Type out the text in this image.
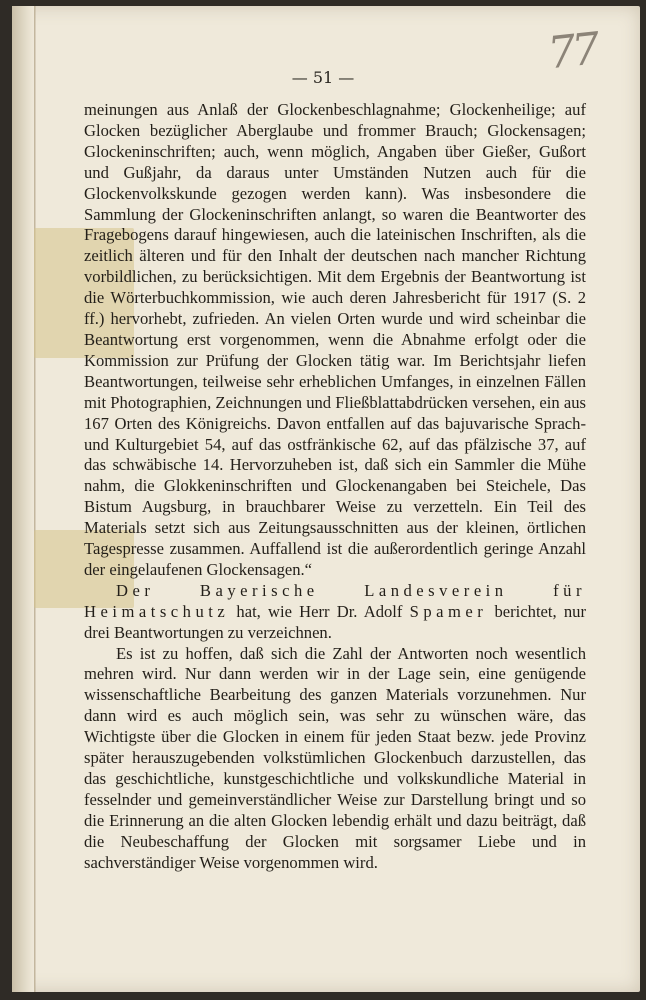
77
— 51 —

meinungen aus Anlaß der Glockenbeschlagnahme; Glockenheilige; auf Glocken bezüglicher Aberglaube und frommer Brauch; Glockensagen; Glockeninschriften; auch, wenn möglich, Angaben über Gießer, Gußort und Gußjahr, da daraus unter Umständen Nutzen auch für die Glockenvolkskunde gezogen werden kann). Was insbesondere die Sammlung der Glockeninschriften anlangt, so waren die Beantworter des Fragebogens darauf hingewiesen, auch die lateinischen Inschriften, als die zeitlich älteren und für den Inhalt der deutschen nach mancher Richtung vorbildlichen, zu berücksichtigen. Mit dem Ergebnis der Beantwortung ist die Wörterbuchkommission, wie auch deren Jahresbericht für 1917 (S. 2 ff.) hervorhebt, zufrieden. An vielen Orten wurde und wird scheinbar die Beantwortung erst vorgenommen, wenn die Abnahme erfolgt oder die Kommission zur Prüfung der Glocken tätig war. Im Berichtsjahr liefen Beantwortungen, teilweise sehr erheblichen Umfanges, in einzelnen Fällen mit Photographien, Zeichnungen und Fließblattabdrücken versehen, ein aus 167 Orten des Königreichs. Davon entfallen auf das bajuvarische Sprach- und Kulturgebiet 54, auf das ostfränkische 62, auf das pfälzische 37, auf das schwäbische 14. Hervorzuheben ist, daß sich ein Sammler die Mühe nahm, die Glokkeninschriften und Glockenangaben bei Steichele, Das Bistum Augsburg, in brauchbarer Weise zu verzetteln. Ein Teil des Materials setzt sich aus Zeitungsausschnitten aus der kleinen, örtlichen Tagespresse zusammen. Auffallend ist die außerordentlich geringe Anzahl der eingelaufenen Glockensagen.“

Der Bayerische Landesverein für Heimatschutz hat, wie Herr Dr. Adolf Spamer berichtet, nur drei Beantwortungen zu verzeichnen.

Es ist zu hoffen, daß sich die Zahl der Antworten noch wesentlich mehren wird. Nur dann werden wir in der Lage sein, eine genügende wissenschaftliche Bearbeitung des ganzen Materials vorzunehmen. Nur dann wird es auch möglich sein, was sehr zu wünschen wäre, das Wichtigste über die Glocken in einem für jeden Staat bezw. jede Provinz später herauszugebenden volkstümlichen Glockenbuch darzustellen, das das geschichtliche, kunstgeschichtliche und volkskundliche Material in fesselnder und gemeinverständlicher Weise zur Darstellung bringt und so die Erinnerung an die alten Glocken lebendig erhält und dazu beiträgt, daß die Neubeschaffung der Glocken mit sorgsamer Liebe und in sachverständiger Weise vorgenommen wird.
